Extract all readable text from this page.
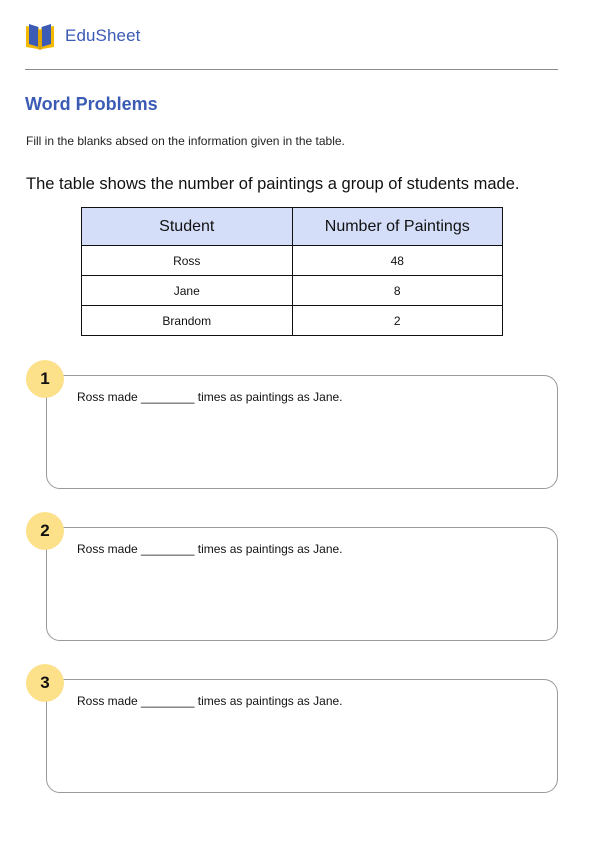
EduSheet
Word Problems
Fill in the blanks absed on the information given in the table.
The table shows the number of paintings a group of students made.
Student	Number of Paintings
Ross	48
Jane	8
Brandom	2
Ross made ________ times as paintings as Jane.
1
Ross made ________ times as paintings as Jane.
2
Ross made ________ times as paintings as Jane.
3
